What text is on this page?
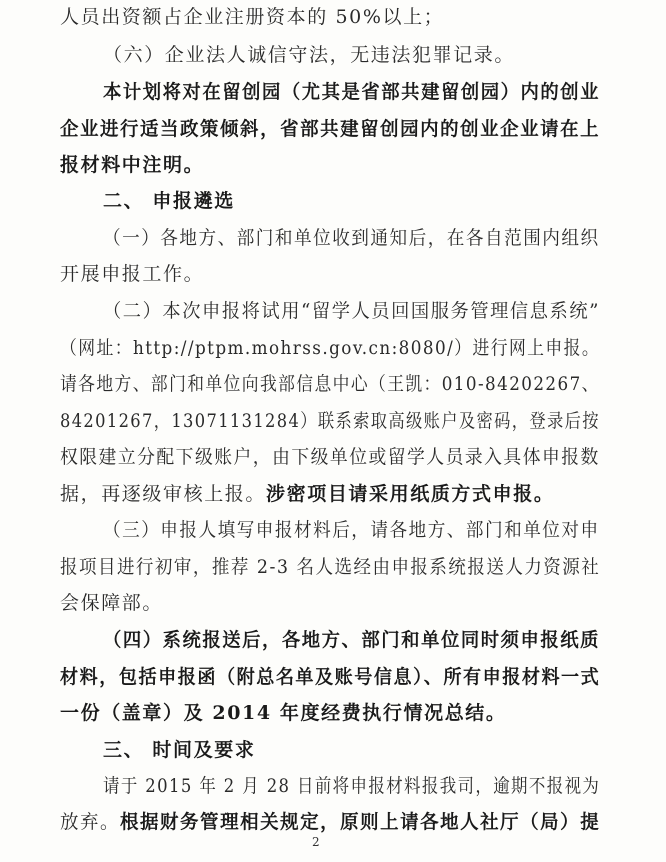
人员出资额占企业注册资本的 50%以上；
（六）企业法人诚信守法，无违法犯罪记录。
本计划将对在留创园（尤其是省部共建留创园）内的创业
企业进行适当政策倾斜，省部共建留创园内的创业企业请在上
报材料中注明。
二、 申报遴选
（一）各地方、部门和单位收到通知后，在各自范围内组织
开展申报工作。
（二）本次申报将试用“留学人员回国服务管理信息系统”
（网址：http://ptpm.mohrss.gov.cn:8080/）进行网上申报。
请各地方、部门和单位向我部信息中心（王凯：010-84202267、
84201267，13071131284）联系索取高级账户及密码，登录后按
权限建立分配下级账户，由下级单位或留学人员录入具体申报数
据，再逐级审核上报。涉密项目请采用纸质方式申报。
（三）申报人填写申报材料后，请各地方、部门和单位对申
报项目进行初审，推荐 2-3 名人选经由申报系统报送人力资源社
会保障部。
（四）系统报送后，各地方、部门和单位同时须申报纸质
材料，包括申报函（附总名单及账号信息）、所有申报材料一式
一份（盖章）及 2014 年度经费执行情况总结。
三、 时间及要求
请于 2015 年 2 月 28 日前将申报材料报我司，逾期不报视为
放弃。根据财务管理相关规定，原则上请各地人社厅（局）提
2
